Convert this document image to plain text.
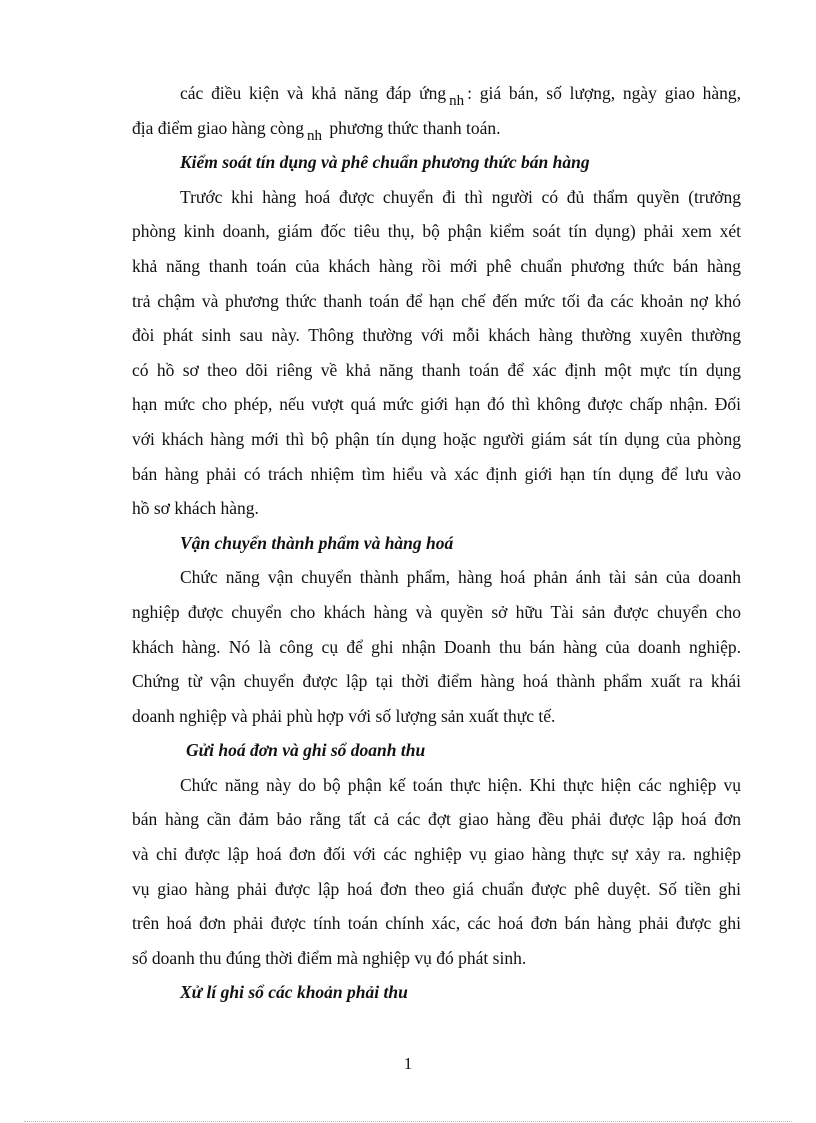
các điều kiện và khả năng đáp ứng nh : giá bán, số lượng, ngày giao hàng,
địa điểm giao hàng còng nh phương thức thanh toán.
Kiểm soát tín dụng và phê chuẩn phương thức bán hàng
Trước khi hàng hoá được chuyển đi thì người có đủ thẩm quyền (trưởng
phòng kinh doanh, giám đốc tiêu thụ, bộ phận kiểm soát tín dụng) phải xem xét
khả năng thanh toán của khách hàng rồi mới phê chuẩn phương thức bán hàng
trả chậm và phương thức thanh toán để hạn chế đến mức tối đa các khoản nợ khó
đòi phát sinh sau này. Thông thường với mỗi khách hàng thường xuyên thường
có hồ sơ theo dõi riêng về khả năng thanh toán để xác định một mực tín dụng
hạn mức cho phép, nếu vượt quá mức giới hạn đó thì không được chấp nhận. Đối
với khách hàng mới thì bộ phận tín dụng hoặc người giám sát tín dụng của phòng
bán hàng phải có trách nhiệm tìm hiểu và xác định giới hạn tín dụng để lưu vào
hồ sơ khách hàng.
Vận chuyển thành phẩm và hàng hoá
Chức năng vận chuyển thành phẩm, hàng hoá phản ánh tài sản của doanh
nghiệp được chuyển cho khách hàng và quyền sở hữu Tài sản được chuyển cho
khách hàng. Nó là công cụ để ghi nhận Doanh thu bán hàng của doanh nghiệp.
Chứng từ vận chuyển được lập tại thời điểm hàng hoá thành phẩm xuất ra khái
doanh nghiệp và phải phù hợp với số lượng sản xuất thực tế.
Gửi hoá đơn và ghi sổ doanh thu
Chức năng này do bộ phận kế toán thực hiện. Khi thực hiện các nghiệp vụ
bán hàng cần đảm bảo rằng tất cả các đợt giao hàng đều phải được lập hoá đơn
và chỉ được lập hoá đơn đối với các nghiệp vụ giao hàng thực sự xảy ra. nghiệp
vụ giao hàng phải được lập hoá đơn theo giá chuẩn được phê duyệt. Số tiền ghi
trên hoá đơn phải được tính toán chính xác, các hoá đơn bán hàng phải được ghi
sổ doanh thu đúng thời điểm mà nghiệp vụ đó phát sinh.
Xử lí ghi sổ các khoản phải thu
1
